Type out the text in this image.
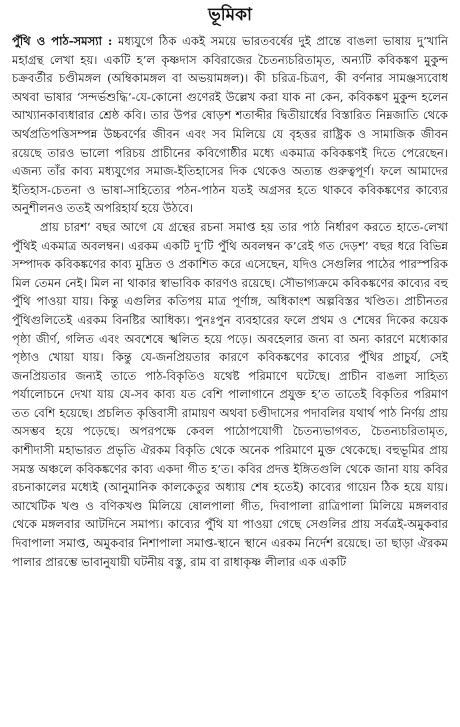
ভূমিকা

পুঁথি ও পাঠ-সমস্যা : মধ্যযুগে ঠিক একই সময়ে ভারতবর্ষের দুই প্রান্তে বাঙলা ভাষায় দু’খানি মহাগ্রন্থ লেখা হয়। একটি হ’ল কৃষ্ণদাস কবিরাজের চৈতন্যচরিতামৃত, অন্যটি কবিকঙ্কণ মুকুন্দ চক্রবর্তীর চণ্ডীমঙ্গল (অম্বিকামঙ্গল বা অভয়ামঙ্গল)। কী চরিত্র-চিত্রণ, কী বর্ণনার সামঞ্জস্যবোধ অথবা ভাষার ‘সন্দর্ভশুদ্ধি’-যে-কোনো গুণেরই উল্লেখ করা যাক না কেন, কবিকঙ্কণ মুকুন্দ হলেন আখ্যানকাব্যধারার শ্রেষ্ঠ কবি। তার উপর ষোড়শ শতাব্দীর দ্বিতীয়ার্ধের বিস্তারিত নিম্নজাতি থেকে অর্থপ্রতিপত্তিসম্পন্ন উচ্চবর্ণের জীবন এবং সব মিলিয়ে যে বৃহত্তর রাষ্ট্রিক ও সামাজিক জীবন রয়েছে তারও ভালো পরিচয় প্রাচীনের কবিগোষ্ঠীর মধ্যে একমাত্র কবিকঙ্কণই দিতে পেরেছেন। এজন্য তাঁর কাব্য মধ্যযুগের সমাজ-ইতিহাসের দিক থেকেও অত্যন্ত গুরুত্বপূর্ণ। ফলে আমাদের ইতিহাস-চেতনা ও ভাষা-সাহিত্যের পঠন-পাঠন যতই অগ্রসর হতে থাকবে কবিকঙ্কণের কাব্যের অনুশীলনও ততই অপরিহার্য হয়ে উঠবে।

প্রায় চারশ’ বছর আগে যে গ্রন্থের রচনা সমাপ্ত হয় তার পাঠ নির্ধারণ করতে হাতে-লেখা পুঁথিই একমাত্র অবলম্বন। এরকম একটি দু’টি পুঁথি অবলম্বন ক’রেই গত দেড়শ’ বছর ধরে বিভিন্ন সম্পাদক কবিকঙ্কণের কাব্য মুদ্রিত ও প্রকাশিত করে এসেছেন, যদিও সেগুলির পাঠের পারস্পরিক মিল তেমন নেই। মিল না থাকার স্বাভাবিক কারণও রয়েছে। সৌভাগ্যক্রমে কবিকঙ্কণের কাব্যের বহু পুঁথি পাওয়া যায়। কিন্তু এগুলির কতিপয় মাত্র পূর্ণাঙ্গ, অধিকাংশ অল্পবিস্তর খণ্ডিত। প্রাচীনতর পুঁথিগুলিতেই এরকম বিনষ্টির আধিক্য। পুনঃপুন ব্যবহারের ফলে প্রথম ও শেষের দিকের কয়েক পৃষ্ঠা জীর্ণ, গলিত এবং অবশেষে স্খলিত হয়ে পড়ে। অবহেলার জন্য বা অন্য কারণে মধ্যেকার পৃষ্ঠাও খোয়া যায়। কিন্তু যে-জনপ্রিয়তার কারণে কবিকঙ্কণের কাব্যের পুঁথির প্রাচুর্য, সেই জনপ্রিয়তার জন্যই তাতে পাঠ-বিকৃতিও যথেষ্ট পরিমাণে ঘটেছে। প্রাচীন বাঙলা সাহিত্য পর্যালোচনে দেখা যায় যে-সব কাব্য যত বেশি পালাগানে প্রযুক্ত হ’ত তাতেই বিকৃতির পরিমাণ তত বেশি হয়েছে। প্রচলিত কৃত্তিবাসী রামায়ণ অথবা চণ্ডীদাসের পদাবলির যথার্থ পাঠ নির্ণয় প্রায় অসম্ভব হয়ে পড়েছে। অপরপক্ষে কেবল পাঠোপযোগী চৈতন্যভাগবত, চৈতন্যচরিতামৃত, কাশীদাসী মহাভারত প্রভৃতি ঐরকম বিকৃতি থেকে অনেক পরিমাণে মুক্ত থেকেছে। বহুভূমির প্রায় সমস্ত অঞ্চলে কবিকঙ্কণের কাব্য একদা গীত হ’ত। কবির প্রদত্ত ইঙ্গিতগুলি থেকে জানা যায় কবির রচনাকালের মধ্যেই (আনুমানিক কালকেতুর অধ্যায় শেষ হতেই) কাব্যের গায়েন ঠিক হয়ে যায়। আখেটিক খণ্ড ও বণিকখণ্ড মিলিয়ে ষোলপালা গীত, দিবাপালা রাত্রিপালা মিলিয়ে মঙ্গলবার থেকে মঙ্গলবার আটদিনে সমাপ্য। কাব্যের পুঁথি যা পাওয়া গেছে সেগুলির প্রায় সর্বত্রই-অমুকবার দিবাপালা সমাপ্ত, অমুকবার নিশাপালা সমাপ্ত-স্থানে স্থানে এরকম নির্দেশ রয়েছে। তা ছাড়া ঐরকম পালার প্রারম্ভে ভাবানুযায়ী ঘটনীয় বস্তু, রাম বা রাধাকৃষ্ণ লীলার এক একটি
